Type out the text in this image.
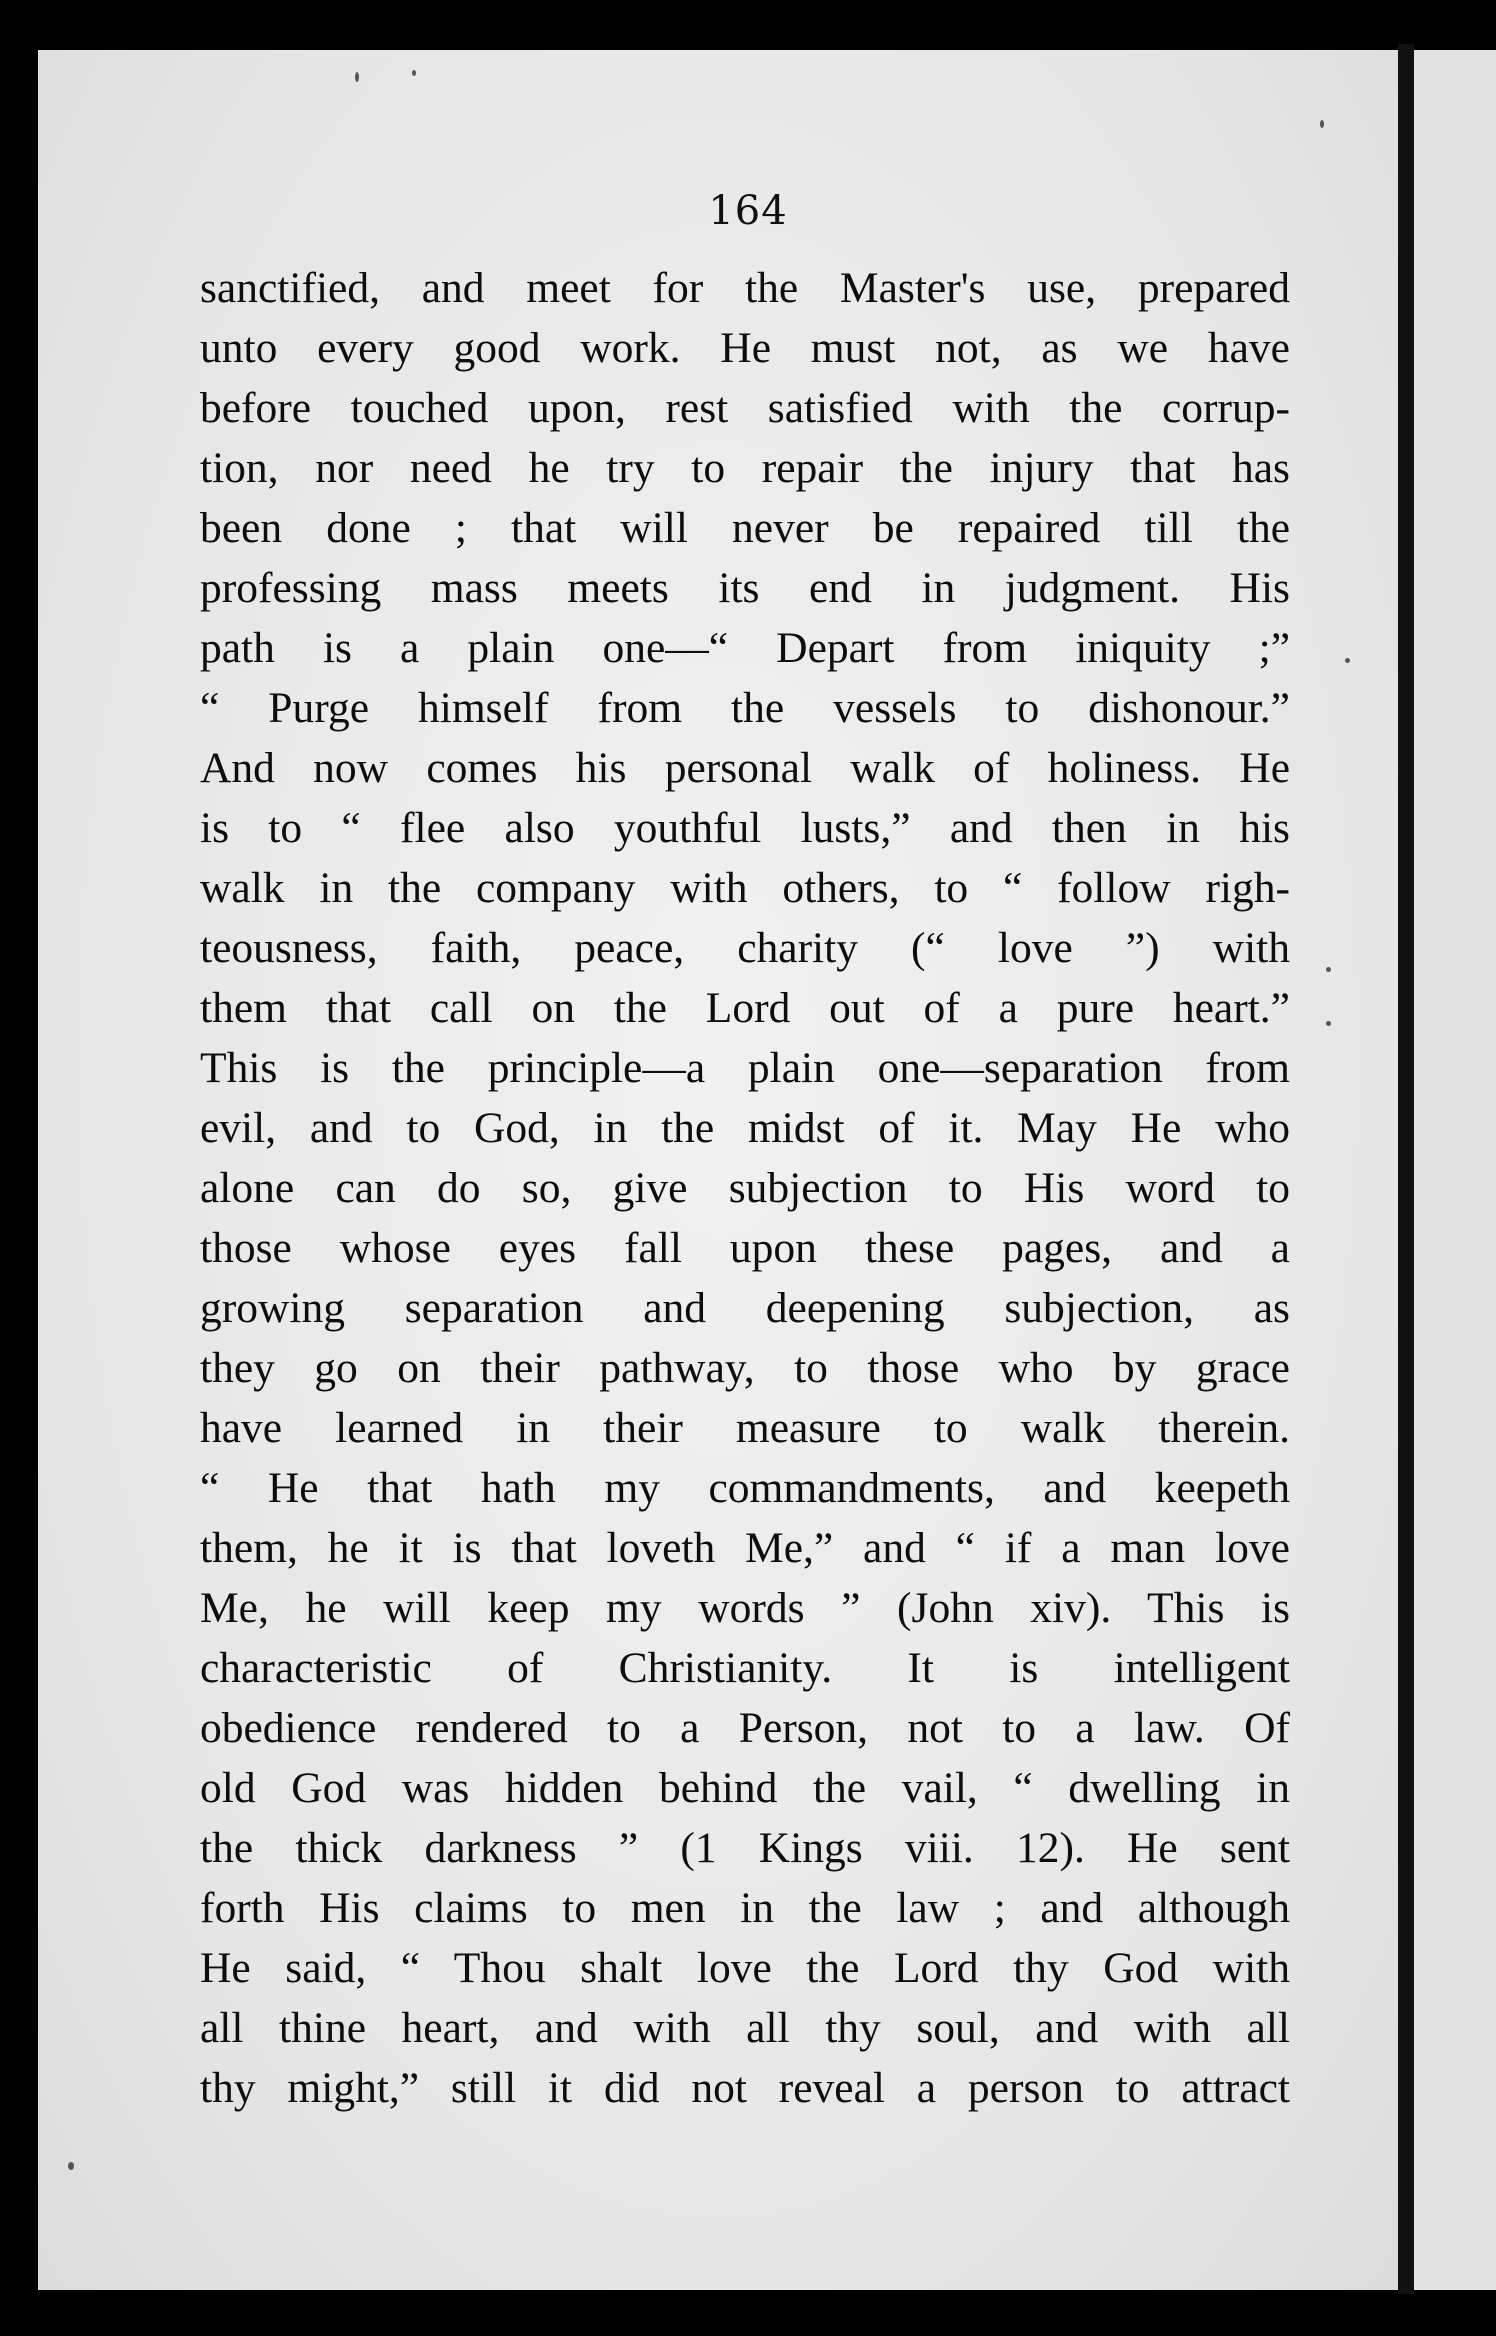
164
sanctified, and meet for the Master's use, prepared
unto every good work. He must not, as we have
before touched upon, rest satisfied with the corrup-
tion, nor need he try to repair the injury that has
been done ; that will never be repaired till the
professing mass meets its end in judgment. His
path is a plain one—“ Depart from iniquity ;”
“ Purge himself from the vessels to dishonour.”
And now comes his personal walk of holiness. He
is to “ flee also youthful lusts,” and then in his
walk in the company with others, to “ follow righ-
teousness, faith, peace, charity (“ love ”) with
them that call on the Lord out of a pure heart.”
This is the principle—a plain one—separation from
evil, and to God, in the midst of it. May He who
alone can do so, give subjection to His word to
those whose eyes fall upon these pages, and a
growing separation and deepening subjection, as
they go on their pathway, to those who by grace
have learned in their measure to walk therein.
“ He that hath my commandments, and keepeth
them, he it is that loveth Me,” and “ if a man love
Me, he will keep my words ” (John xiv). This is
characteristic of Christianity. It is intelligent
obedience rendered to a Person, not to a law. Of
old God was hidden behind the vail, “ dwelling in
the thick darkness ” (1 Kings viii. 12). He sent
forth His claims to men in the law ; and although
He said, “ Thou shalt love the Lord thy God with
all thine heart, and with all thy soul, and with all
thy might,” still it did not reveal a person to attract
